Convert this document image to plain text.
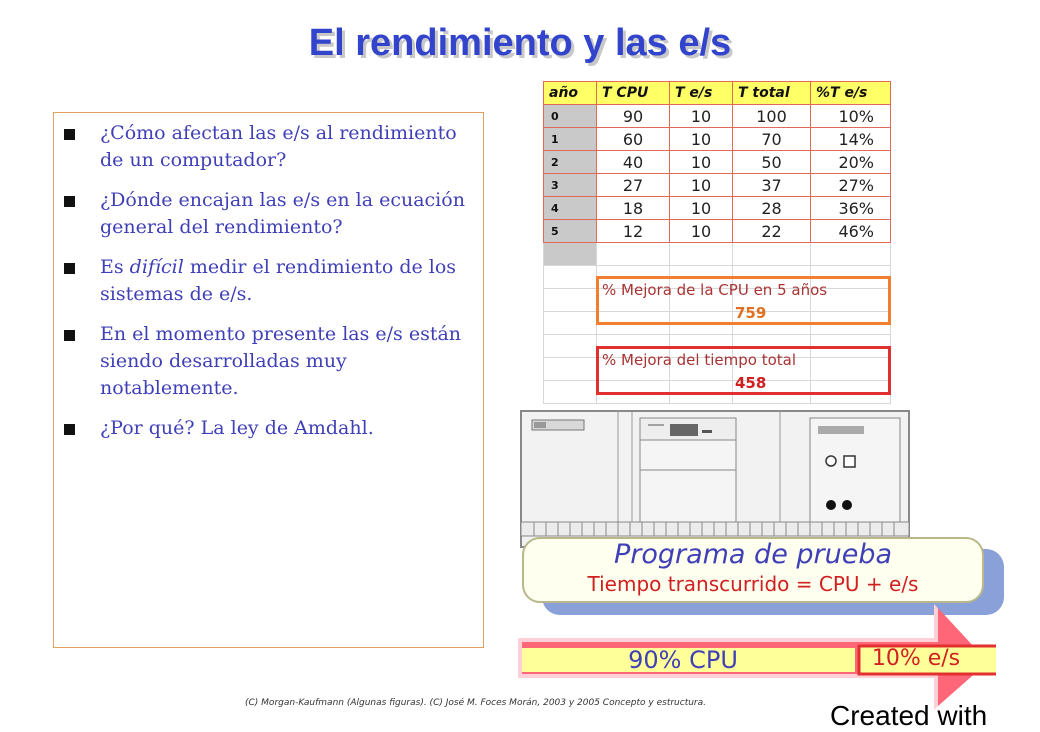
El rendimiento y las e/s
¿Cómo afectan las e/s al rendimiento de un computador?
¿Dónde encajan las e/s en la ecuación general del rendimiento?
Es difícil medir el rendimiento de los sistemas de e/s.
En el momento presente las e/s están siendo desarrolladas muy notablemente.
¿Por qué? La ley de Amdahl.
año	T CPU	T e/s	T total	%T e/s
0	90	10	100	10%
1	60	10	70	14%
2	40	10	50	20%
3	27	10	37	27%
4	18	10	28	36%
5	12	10	22	46%

% Mejora de la CPU en 5 años
759
% Mejora del tiempo total
458
Programa de prueba
Tiempo transcurrido = CPU + e/s
90% CPU	10% e/s
(C) Morgan-Kaufmann (Algunas figuras). (C) José M. Foces Morán, 2003 y 2005 Concepto y estructura.	Created with
